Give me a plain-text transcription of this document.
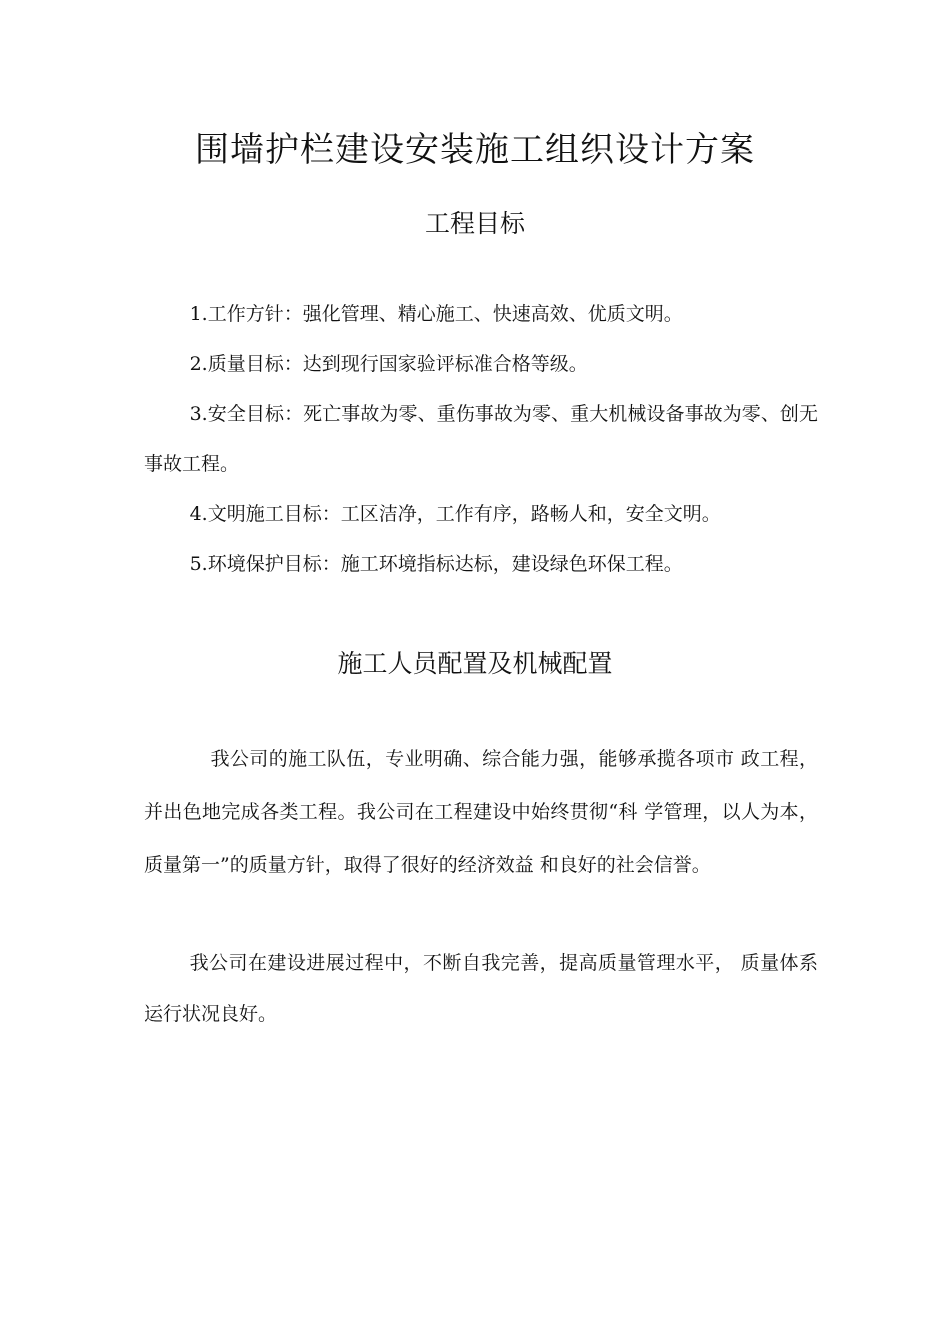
围墙护栏建设安装施工组织设计方案
工程目标

1.工作方针：强化管理、精心施工、快速高效、优质文明。

2.质量目标：达到现行国家验评标准合格等级。

3.安全目标：死亡事故为零、重伤事故为零、重大机械设备事故为零、创无事故工程。

4.文明施工目标：工区洁净，工作有序，路畅人和，安全文明。

5.环境保护目标：施工环境指标达标，建设绿色环保工程。

施工人员配置及机械配置

我公司的施工队伍，专业明确、综合能力强，能够承揽各项市 政工程，并出色地完成各类工程。我公司在工程建设中始终贯彻“科 学管理，以人为本，质量第一”的质量方针，取得了很好的经济效益 和良好的社会信誉。

我公司在建设进展过程中，不断自我完善，提高质量管理水平， 质量体系运行状况良好。
